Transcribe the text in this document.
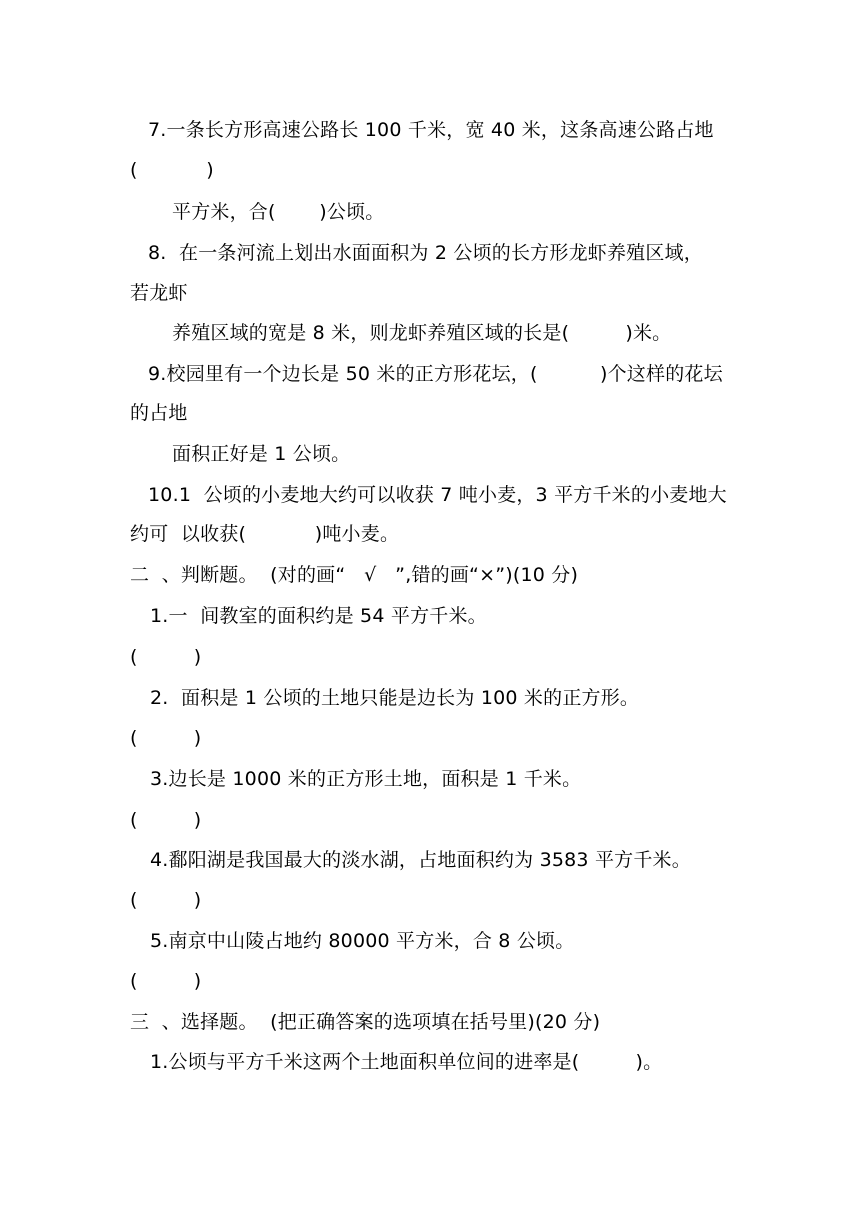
7.一条长方形高速公路长 100 千米，宽 40 米，这条高速公路占地
(           )
平方米，合(       )公顷。
8.  在一条河流上划出水面面积为 2 公顷的长方形龙虾养殖区域，
若龙虾
养殖区域的宽是 8 米，则龙虾养殖区域的长是(         )米。
9.校园里有一个边长是 50 米的正方形花坛，(          )个这样的花坛
的占地
面积正好是 1 公顷。
10.1  公顷的小麦地大约可以收获 7 吨小麦，3 平方千米的小麦地大
约可  以收获(           )吨小麦。
二  、判断题。  (对的画“   √   ”,错的画“×”)(10 分)
1.一  间教室的面积约是 54 平方千米。
(         )
2.  面积是 1 公顷的土地只能是边长为 100 米的正方形。
(         )
3.边长是 1000 米的正方形土地，面积是 1 千米。
(         )
4.鄱阳湖是我国最大的淡水湖，占地面积约为 3583 平方千米。
(         )
5.南京中山陵占地约 80000 平方米，合 8 公顷。
(         )
三  、选择题。  (把正确答案的选项填在括号里)(20 分)
1.公顷与平方千米这两个土地面积单位间的进率是(         )。
